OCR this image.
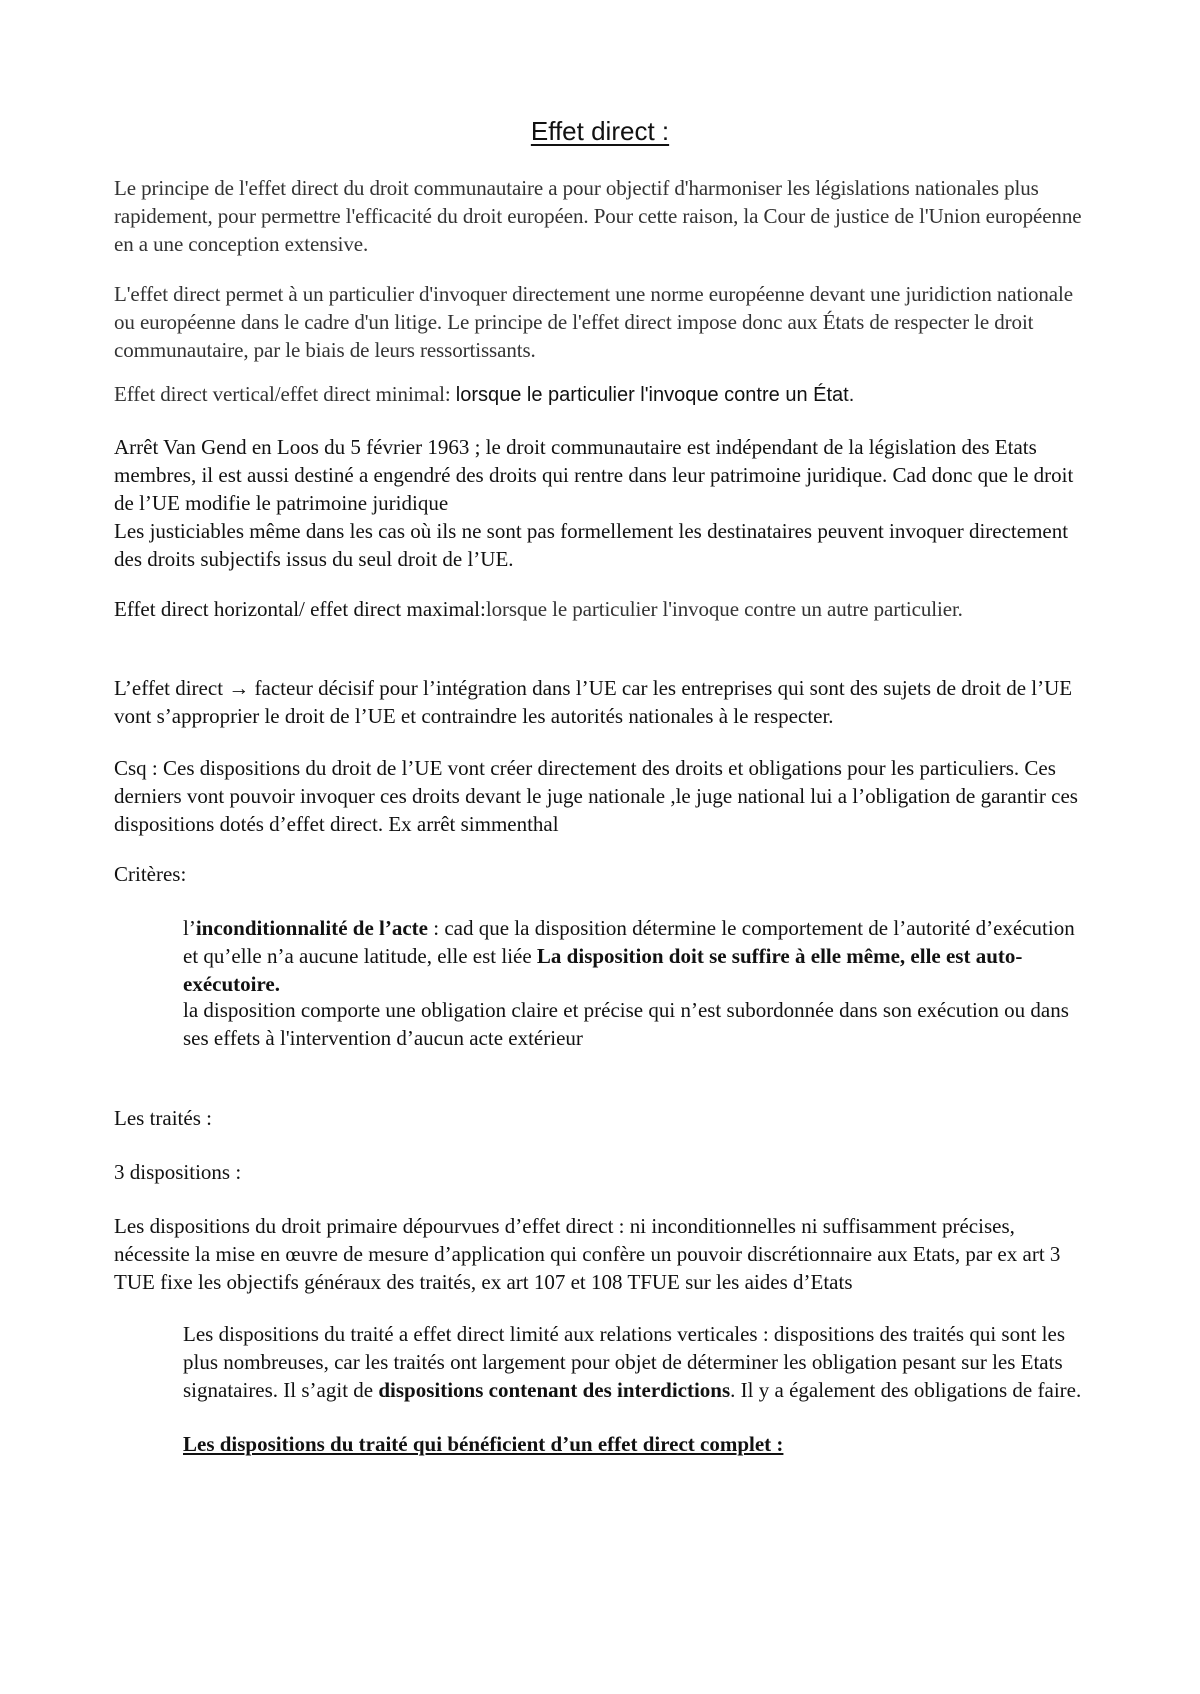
Effet direct :
Le principe de l'effet direct du droit communautaire a pour objectif d'harmoniser les législations nationales plus rapidement, pour permettre l'efficacité du droit européen. Pour cette raison, la Cour de justice de l'Union européenne en a une conception extensive.
L'effet direct permet à un particulier d'invoquer directement une norme européenne devant une juridiction nationale ou européenne dans le cadre d'un litige. Le principe de l'effet direct impose donc aux États de respecter le droit communautaire, par le biais de leurs ressortissants.
Effet direct vertical/effet direct minimal: lorsque le particulier l'invoque contre un État.
Arrêt Van Gend en Loos du 5 février 1963 ; le droit communautaire est indépendant de la législation des Etats membres, il est aussi destiné a engendré des droits qui rentre dans leur patrimoine juridique. Cad donc que le droit de l’UE modifie le patrimoine juridique
Les justiciables même dans les cas où ils ne sont pas formellement les destinataires peuvent invoquer directement des droits subjectifs issus du seul droit de l’UE.
Effet direct horizontal/ effet direct maximal:lorsque le particulier l'invoque contre un autre particulier.
L’effet direct → facteur décisif pour l’intégration dans l’UE car les entreprises qui sont des sujets de droit de l’UE vont s’approprier le droit de l’UE et contraindre les autorités nationales à le respecter.
Csq : Ces dispositions du droit de l’UE vont créer directement des droits et obligations pour les particuliers. Ces derniers vont pouvoir invoquer ces droits devant le juge nationale ,le juge national lui a l’obligation de garantir ces dispositions dotés d’effet direct. Ex arrêt simmenthal
Critères:
l’inconditionnalité de l’acte : cad que la disposition détermine le comportement de l’autorité d’exécution et qu’elle n’a aucune latitude, elle est liée La disposition doit se suffire à elle même, elle est auto-exécutoire.
la disposition comporte une obligation claire et précise qui n’est subordonnée dans son exécution ou dans ses effets à l'intervention d’aucun acte extérieur
Les traités :
3 dispositions :
Les dispositions du droit primaire dépourvues d’effet direct : ni inconditionnelles ni suffisamment précises, nécessite la mise en œuvre de mesure d’application qui confère un pouvoir discrétionnaire aux Etats, par ex art 3 TUE fixe les objectifs généraux des traités, ex art 107 et 108 TFUE sur les aides d’Etats
Les dispositions du traité a effet direct limité aux relations verticales : dispositions des traités qui sont les plus nombreuses, car les traités ont largement pour objet de déterminer les obligation pesant sur les Etats signataires. Il s’agit de dispositions contenant des interdictions. Il y a également des obligations de faire.
Les dispositions du traité qui bénéficient d’un effet direct complet :
